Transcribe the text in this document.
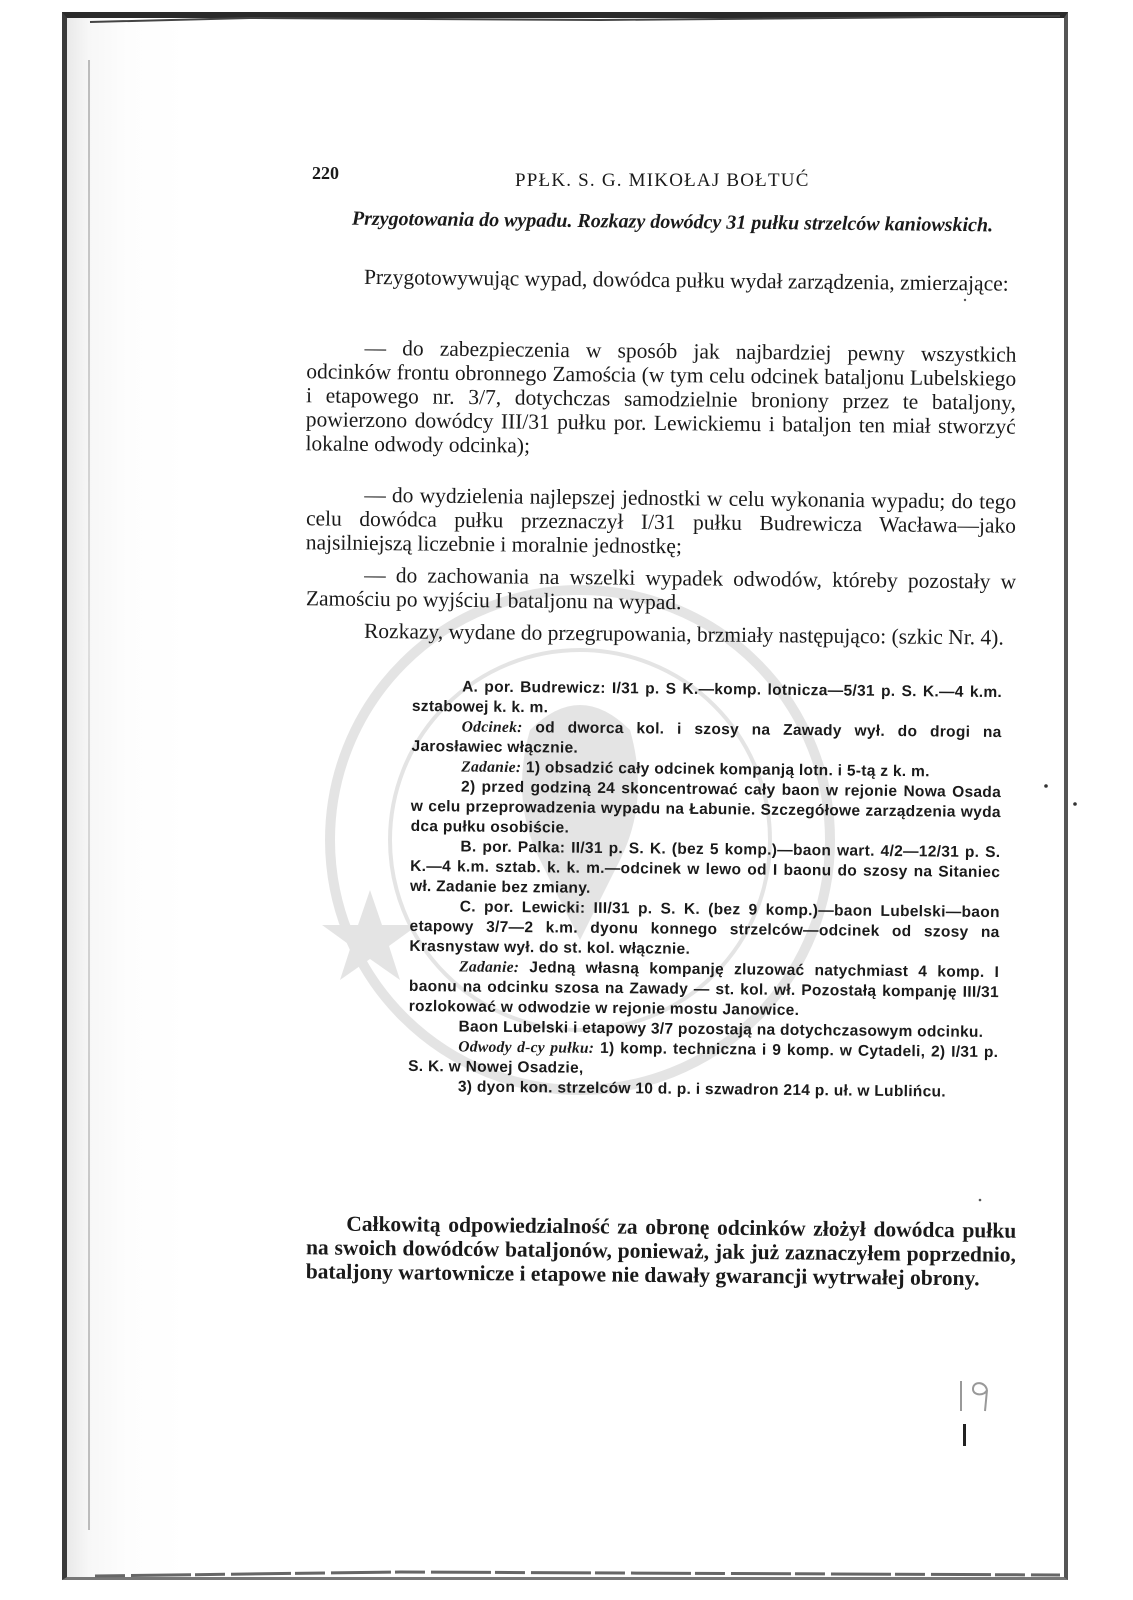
220	PPŁK. S. G. MIKOŁAJ BOŁTUĆ
Przygotowania do wypadu. Rozkazy dowódcy 31 pułku strzelców kaniowskich.
Przygotowywując wypad, dowódca pułku wydał zarządzenia, zmierzające:
— do zabezpieczenia w sposób jak najbardziej pewny wszystkich odcinków frontu obronnego Zamościa (w tym celu odcinek bataljonu Lubelskiego i etapowego nr. 3/7, dotychczas samodzielnie broniony przez te bataljony, powierzono dowódcy III/31 pułku por. Lewickiemu i bataljon ten miał stworzyć lokalne odwody odcinka);
— do wydzielenia najlepszej jednostki w celu wykonania wypadu; do tego celu dowódca pułku przeznaczył I/31 pułku Budrewicza Wacława—jako najsilniejszą liczebnie i moralnie jednostkę;
— do zachowania na wszelki wypadek odwodów, któreby pozostały w Zamościu po wyjściu I bataljonu na wypad.
Rozkazy, wydane do przegrupowania, brzmiały następująco: (szkic Nr. 4).

A. por. Budrewicz: I/31 p. S K.—komp. lotnicza—5/31 p. S. K.—4 k.m. sztabowej k. k. m.

Odcinek: od dworca kol. i szosy na Zawady wył. do drogi na Jarosławiec włącznie.

Zadanie: 1) obsadzić cały odcinek kompanją lotn. i 5-tą z k. m.

2) przed godziną 24 skoncentrować cały baon w rejonie Nowa Osada w celu przeprowadzenia wypadu na Łabunie. Szczegółowe zarządzenia wyda dca pułku osobiście.

B. por. Palka: II/31 p. S. K. (bez 5 komp.)—baon wart. 4/2—12/31 p. S. K.—4 k.m. sztab. k. k. m.—odcinek w lewo od I baonu do szosy na Sitaniec wł. Zadanie bez zmiany.

C. por. Lewicki: III/31 p. S. K. (bez 9 komp.)—baon Lubelski—baon etapowy 3/7—2 k.m. dyonu konnego strzelców—odcinek od szosy na Krasnystaw wył. do st. kol. włącznie.

Zadanie: Jedną własną kompanję zluzować natychmiast 4 komp. I baonu na odcinku szosa na Zawady — st. kol. wł. Pozostałą kompanję III/31 rozlokować w odwodzie w rejonie mostu Janowice.

Baon Lubelski i etapowy 3/7 pozostają na dotychczasowym odcinku.

Odwody d-cy pułku: 1) komp. techniczna i 9 komp. w Cytadeli, 2) I/31 p. S. K. w Nowej Osadzie,

3) dyon kon. strzelców 10 d. p. i szwadron 214 p. uł. w Lublińcu.

Całkowitą odpowiedzialność za obronę odcinków złożył dowódca pułku na swoich dowódców bataljonów, ponieważ, jak już zaznaczyłem poprzednio, bataljony wartownicze i etapowe nie dawały gwarancji wytrwałej obrony.
